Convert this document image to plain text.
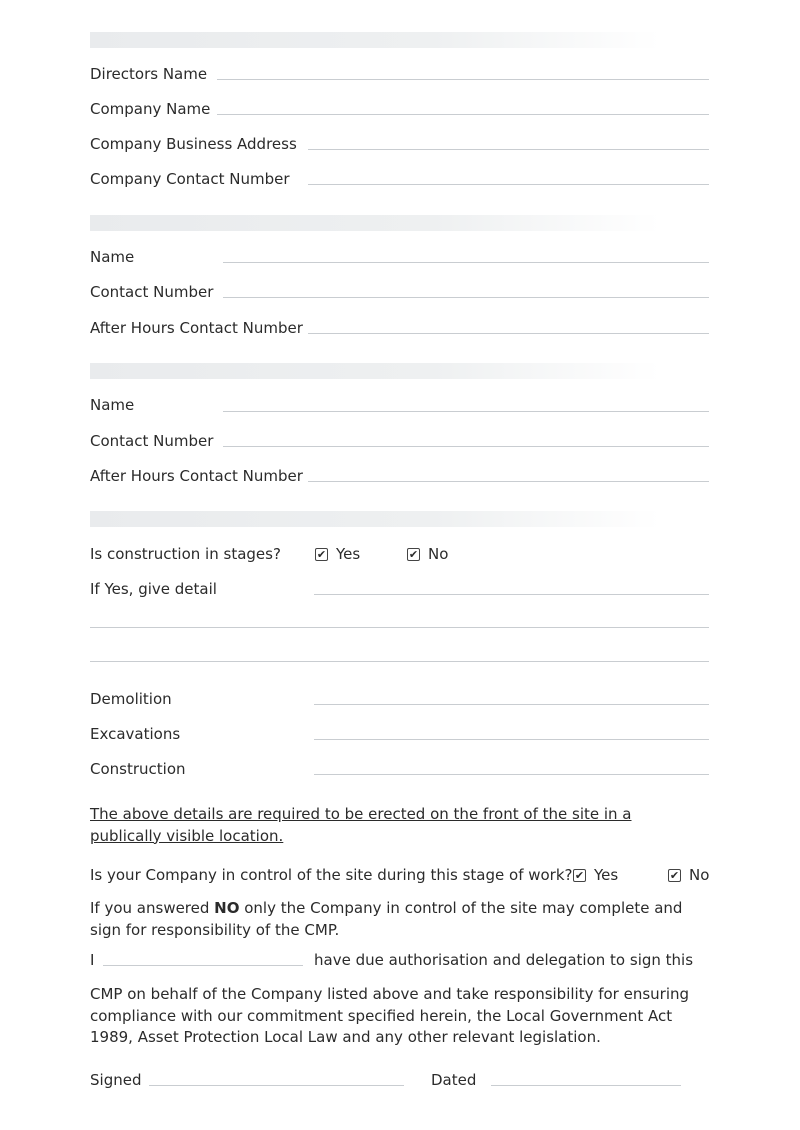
Directors Name
Company Name
Company Business Address
Company Contact Number
Name
Contact Number
After Hours Contact Number
Name
Contact Number
After Hours Contact Number
Is construction in stages?	✔ Yes	✔ No
If Yes, give detail
Demolition
Excavations
Construction
The above details are required to be erected on the front of the site in a publically visible location.
Is your Company in control of the site during this stage of work? ✔ Yes	✔ No
If you answered NO only the Company in control of the site may complete and sign for responsibility of the CMP.
I	have due authorisation and delegation to sign this
CMP on behalf of the Company listed above and take responsibility for ensuring compliance with our commitment specified herein, the Local Government Act 1989, Asset Protection Local Law and any other relevant legislation.
Signed	Dated
